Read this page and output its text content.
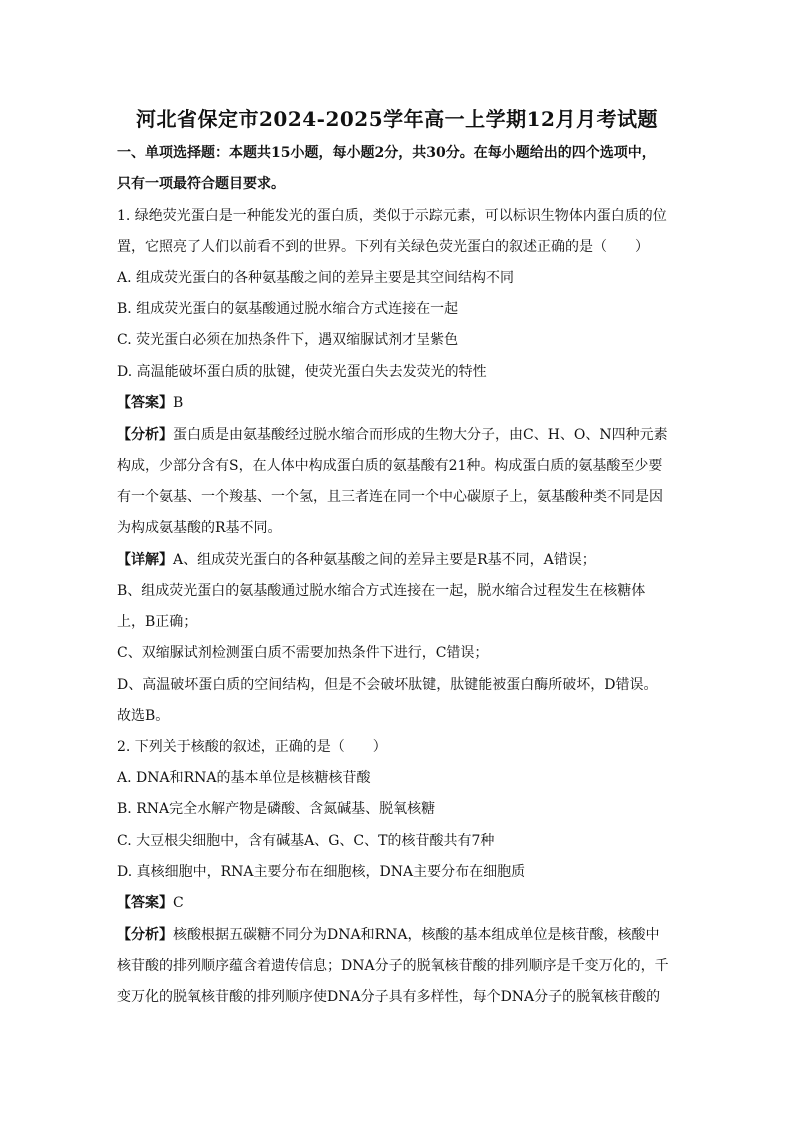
河北省保定市2024-2025学年高一上学期12月月考试题
一、单项选择题：本题共15小题，每小题2分，共30分。在每小题给出的四个选项中，
只有一项最符合题目要求。
1. 绿绝荧光蛋白是一种能发光的蛋白质，类似于示踪元素，可以标识生物体内蛋白质的位
置，它照亮了人们以前看不到的世界。下列有关绿色荧光蛋白的叙述正确的是（　　）
A. 组成荧光蛋白的各种氨基酸之间的差异主要是其空间结构不同
B. 组成荧光蛋白的氨基酸通过脱水缩合方式连接在一起
C. 荧光蛋白必须在加热条件下，遇双缩脲试剂才呈紫色
D. 高温能破坏蛋白质的肽键，使荧光蛋白失去发荧光的特性
【答案】B
【分析】蛋白质是由氨基酸经过脱水缩合而形成的生物大分子，由C、H、O、N四种元素
构成，少部分含有S，在人体中构成蛋白质的氨基酸有21种。构成蛋白质的氨基酸至少要
有一个氨基、一个羧基、一个氢，且三者连在同一个中心碳原子上，氨基酸种类不同是因
为构成氨基酸的R基不同。
【详解】A、组成荧光蛋白的各种氨基酸之间的差异主要是R基不同，A错误；
B、组成荧光蛋白的氨基酸通过脱水缩合方式连接在一起，脱水缩合过程发生在核糖体
上，B正确；
C、双缩脲试剂检测蛋白质不需要加热条件下进行，C错误；
D、高温破坏蛋白质的空间结构，但是不会破坏肽键，肽键能被蛋白酶所破坏，D错误。
故选B。
2. 下列关于核酸的叙述，正确的是（　　）
A. DNA和RNA的基本单位是核糖核苷酸
B. RNA完全水解产物是磷酸、含氮碱基、脱氧核糖
C. 大豆根尖细胞中，含有碱基A、G、C、T的核苷酸共有7种
D. 真核细胞中，RNA主要分布在细胞核，DNA主要分布在细胞质
【答案】C
【分析】核酸根据五碳糖不同分为DNA和RNA，核酸的基本组成单位是核苷酸，核酸中
核苷酸的排列顺序蕴含着遗传信息；DNA分子的脱氧核苷酸的排列顺序是千变万化的，千
变万化的脱氧核苷酸的排列顺序使DNA分子具有多样性，每个DNA分子的脱氧核苷酸的
